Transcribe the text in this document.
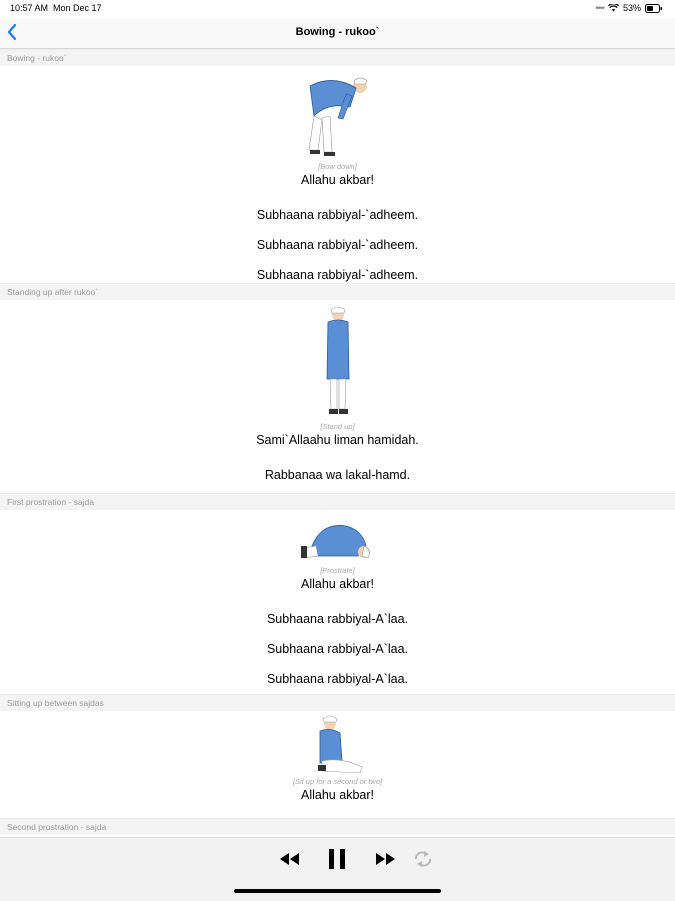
10:57 AM Mon Dec 17	•••• 53%
Bowing - rukoo`
Bowing - rukoo`
[Bow down]
Allahu akbar!
Subhaana rabbiyal-`adheem.
Subhaana rabbiyal-`adheem.
Subhaana rabbiyal-`adheem.
Standing up after rukoo`
[Stand up]
Sami`Allaahu liman hamidah.
Rabbanaa wa lakal-hamd.
First prostration - sajda
[Prostrate]
Allahu akbar!
Subhaana rabbiyal-A`laa.
Subhaana rabbiyal-A`laa.
Subhaana rabbiyal-A`laa.
Sitting up between sajdas
[Sit up for a second or two]
Allahu akbar!
Second prostration - sajda
